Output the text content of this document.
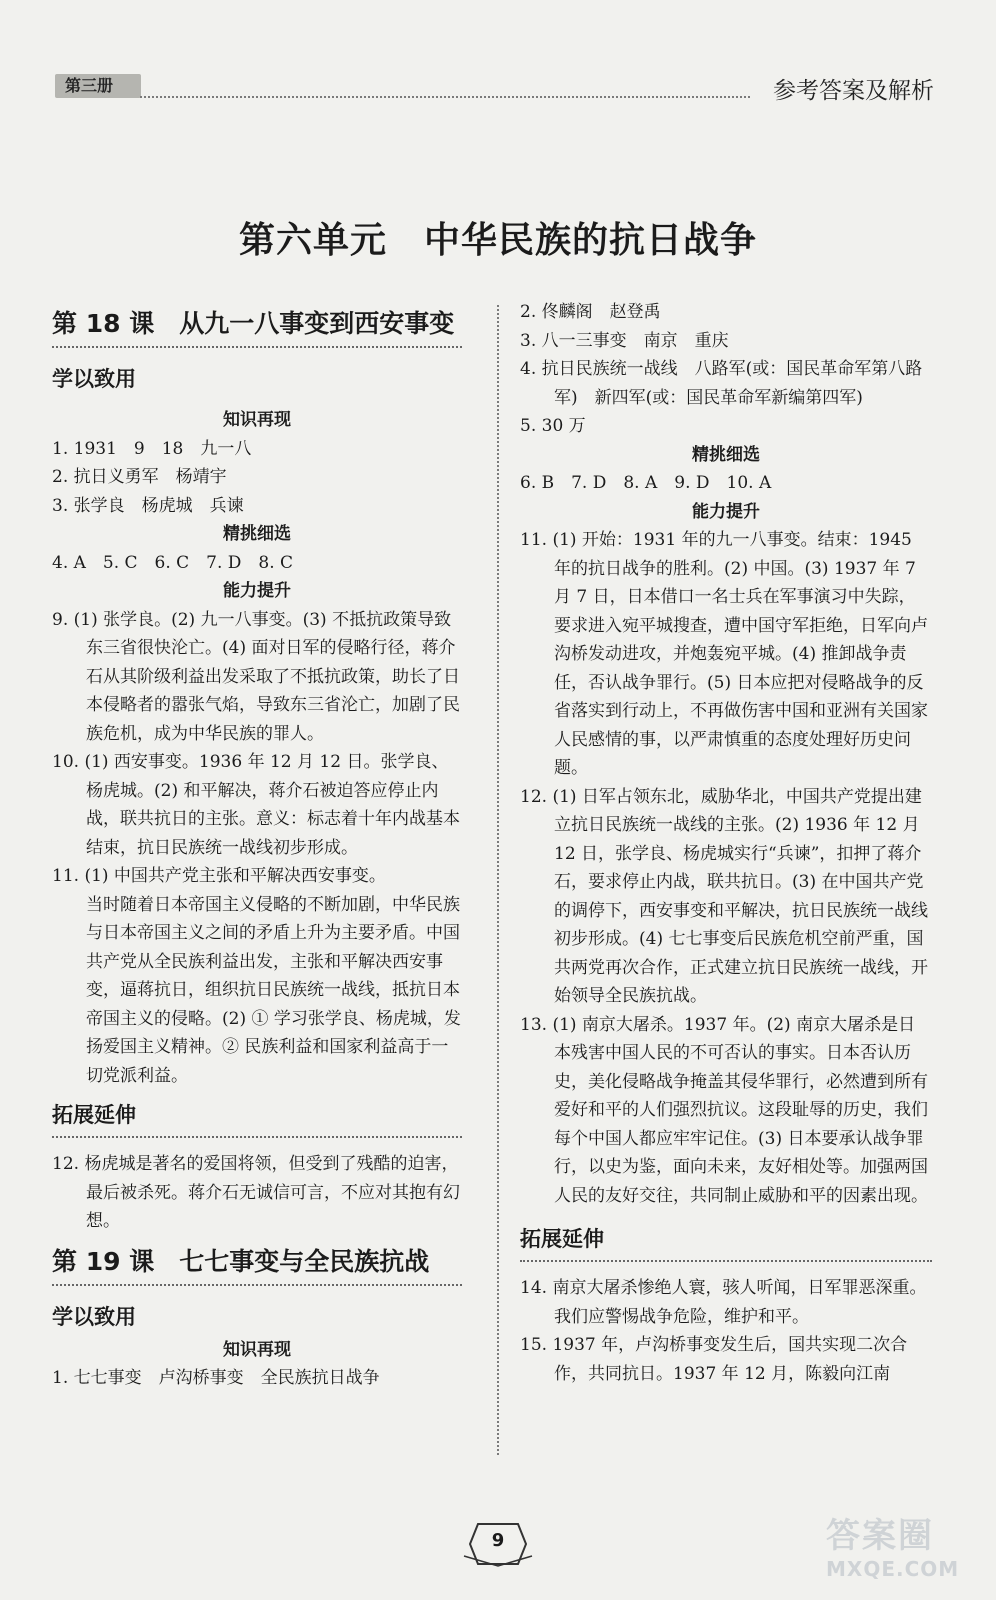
第三册	参考答案及解析
第六单元　中华民族的抗日战争
第 18 课　从九一八事变到西安事变
学以致用

知识再现

1. 1931　9　18　九一八

2. 抗日义勇军　杨靖宇

3. 张学良　杨虎城　兵谏

精挑细选

4. A　5. C　6. C　7. D　8. C

能力提升

9. (1) 张学良。(2) 九一八事变。(3) 不抵抗政策导致东三省很快沦亡。(4) 面对日军的侵略行径，蒋介石从其阶级利益出发采取了不抵抗政策，助长了日本侵略者的嚣张气焰，导致东三省沦亡，加剧了民族危机，成为中华民族的罪人。

10. (1) 西安事变。1936 年 12 月 12 日。张学良、杨虎城。(2) 和平解决，蒋介石被迫答应停止内战，联共抗日的主张。意义：标志着十年内战基本结束，抗日民族统一战线初步形成。

11. (1) 中国共产党主张和平解决西安事变。

当时随着日本帝国主义侵略的不断加剧，中华民族与日本帝国主义之间的矛盾上升为主要矛盾。中国共产党从全民族利益出发，主张和平解决西安事变，逼蒋抗日，组织抗日民族统一战线，抵抗日本帝国主义的侵略。(2) ① 学习张学良、杨虎城，发扬爱国主义精神。② 民族利益和国家利益高于一切党派利益。

拓展延伸

12. 杨虎城是著名的爱国将领，但受到了残酷的迫害，最后被杀死。蒋介石无诚信可言，不应对其抱有幻想。

第 19 课　七七事变与全民族抗战
学以致用

知识再现

1. 七七事变　卢沟桥事变　全民族抗日战争

2. 佟麟阁　赵登禹

3. 八一三事变　南京　重庆

4. 抗日民族统一战线　八路军(或：国民革命军第八路军)　新四军(或：国民革命军新编第四军)

5. 30 万

精挑细选

6. B　7. D　8. A　9. D　10. A

能力提升

11. (1) 开始：1931 年的九一八事变。结束：1945 年的抗日战争的胜利。(2) 中国。(3) 1937 年 7 月 7 日，日本借口一名士兵在军事演习中失踪，要求进入宛平城搜查，遭中国守军拒绝，日军向卢沟桥发动进攻，并炮轰宛平城。(4) 推卸战争责任，否认战争罪行。(5) 日本应把对侵略战争的反省落实到行动上，不再做伤害中国和亚洲有关国家人民感情的事，以严肃慎重的态度处理好历史问题。

12. (1) 日军占领东北，威胁华北，中国共产党提出建立抗日民族统一战线的主张。(2) 1936 年 12 月 12 日，张学良、杨虎城实行“兵谏”，扣押了蒋介石，要求停止内战，联共抗日。(3) 在中国共产党的调停下，西安事变和平解决，抗日民族统一战线初步形成。(4) 七七事变后民族危机空前严重，国共两党再次合作，正式建立抗日民族统一战线，开始领导全民族抗战。

13. (1) 南京大屠杀。1937 年。(2) 南京大屠杀是日本残害中国人民的不可否认的事实。日本否认历史，美化侵略战争掩盖其侵华罪行，必然遭到所有爱好和平的人们强烈抗议。这段耻辱的历史，我们每个中国人都应牢牢记住。(3) 日本要承认战争罪行，以史为鉴，面向未来，友好相处等。加强两国人民的友好交往，共同制止威胁和平的因素出现。

拓展延伸

14. 南京大屠杀惨绝人寰，骇人听闻，日军罪恶深重。我们应警惕战争危险，维护和平。

15. 1937 年，卢沟桥事变发生后，国共实现二次合作，共同抗日。1937 年 12 月，陈毅向江南

9	答案圈
MXQE.COM
